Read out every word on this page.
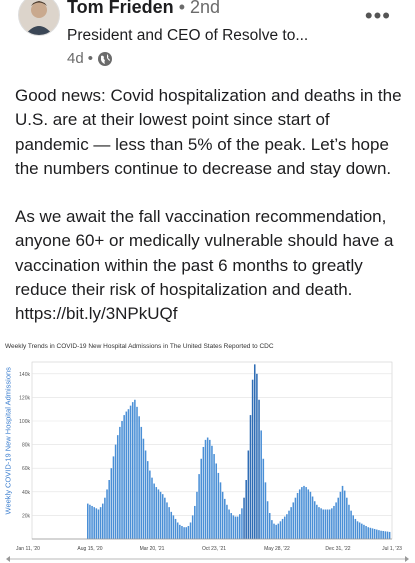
Tom Frieden • 2nd	•••
President and CEO of Resolve to...
4d •

Good news: Covid hospitalization and deaths in the U.S. are at their lowest point since start of pandemic — less than 5% of the peak. Let’s hope the numbers continue to decrease and stay down.

As we await the fall vaccination recommendation, anyone 60+ or medically vulnerable should have a vaccination within the past 6 months to greatly reduce their risk of hospitalization and death.
https://bit.ly/3NPkUQf

Weekly Trends in COVID-19 New Hospital Admissions in The United States Reported to CDC
Weekly COVID-19 New Hospital Admissions
20k
40k
60k
80k
100k
120k
140k
Jan 11, '20	Aug 15, '20	Mar 20, '21	Oct 23, '21	May 28, '22	Dec 31, '22	Jul 1, '23
